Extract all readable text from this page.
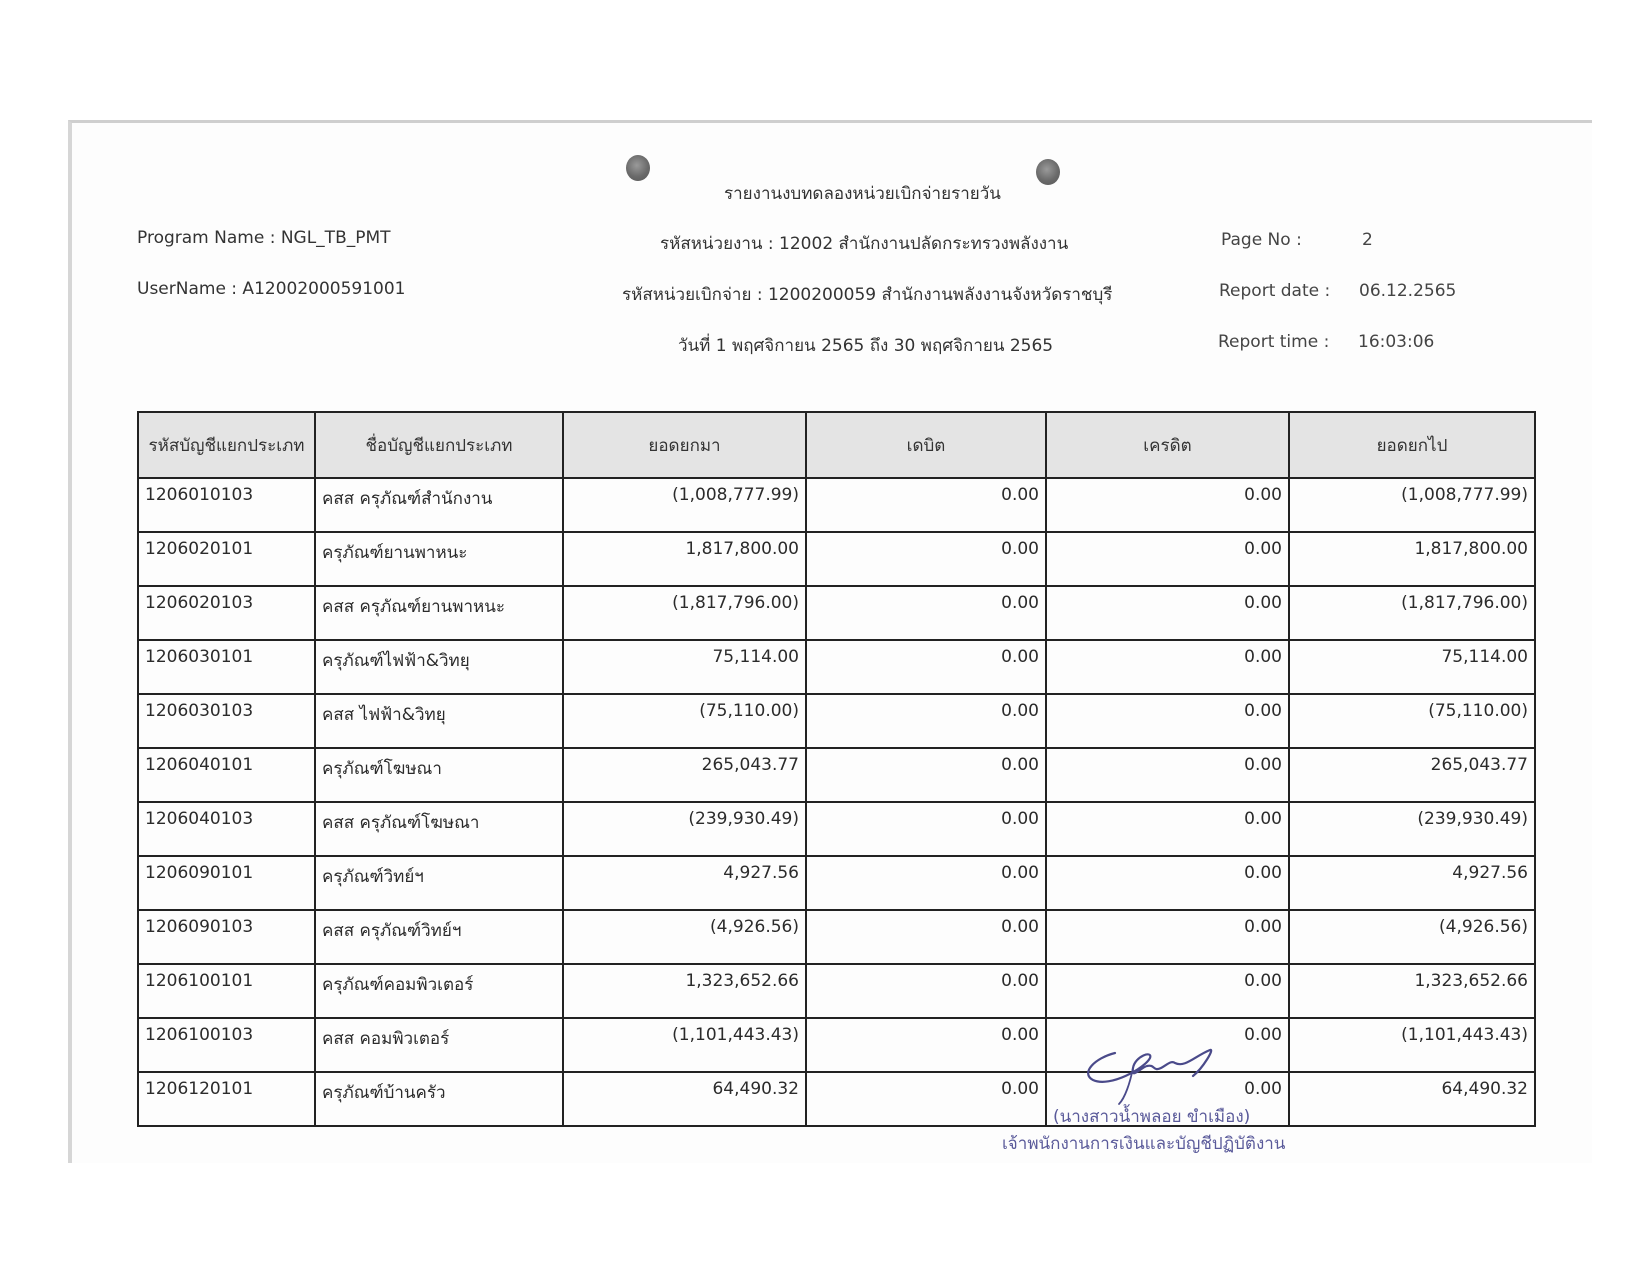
รายงานงบทดลองหน่วยเบิกจ่ายรายวัน
Program Name : NGL_TB_PMT
UserName : A12002000591001
รหัสหน่วยงาน : 12002 สำนักงานปลัดกระทรวงพลังงาน
รหัสหน่วยเบิกจ่าย : 1200200059 สำนักงานพลังงานจังหวัดราชบุรี
วันที่ 1 พฤศจิกายน 2565 ถึง 30 พฤศจิกายน 2565
Page No :	2
Report date : 06.12.2565
Report time : 16:03:06
รหัสบัญชีแยกประเภท	ชื่อบัญชีแยกประเภท	ยอดยกมา	เดบิต	เครดิต	ยอดยกไป
1206010103	คสส ครุภัณฑ์สำนักงาน	(1,008,777.99)	0.00	0.00	(1,008,777.99)
1206020101	ครุภัณฑ์ยานพาหนะ	1,817,800.00	0.00	0.00	1,817,800.00
1206020103	คสส ครุภัณฑ์ยานพาหนะ	(1,817,796.00)	0.00	0.00	(1,817,796.00)
1206030101	ครุภัณฑ์ไฟฟ้า&วิทยุ	75,114.00	0.00	0.00	75,114.00
1206030103	คสส ไฟฟ้า&วิทยุ	(75,110.00)	0.00	0.00	(75,110.00)
1206040101	ครุภัณฑ์โฆษณา	265,043.77	0.00	0.00	265,043.77
1206040103	คสส ครุภัณฑ์โฆษณา	(239,930.49)	0.00	0.00	(239,930.49)
1206090101	ครุภัณฑ์วิทย์ฯ	4,927.56	0.00	0.00	4,927.56
1206090103	คสส ครุภัณฑ์วิทย์ฯ	(4,926.56)	0.00	0.00	(4,926.56)
1206100101	ครุภัณฑ์คอมพิวเตอร์	1,323,652.66	0.00	0.00	1,323,652.66
1206100103	คสส คอมพิวเตอร์	(1,101,443.43)	0.00	0.00	(1,101,443.43)
1206120101	ครุภัณฑ์บ้านครัว	64,490.32	0.00	0.00	64,490.32
(นางสาวน้ำพลอย ขำเมือง)
เจ้าพนักงานการเงินและบัญชีปฏิบัติงาน
